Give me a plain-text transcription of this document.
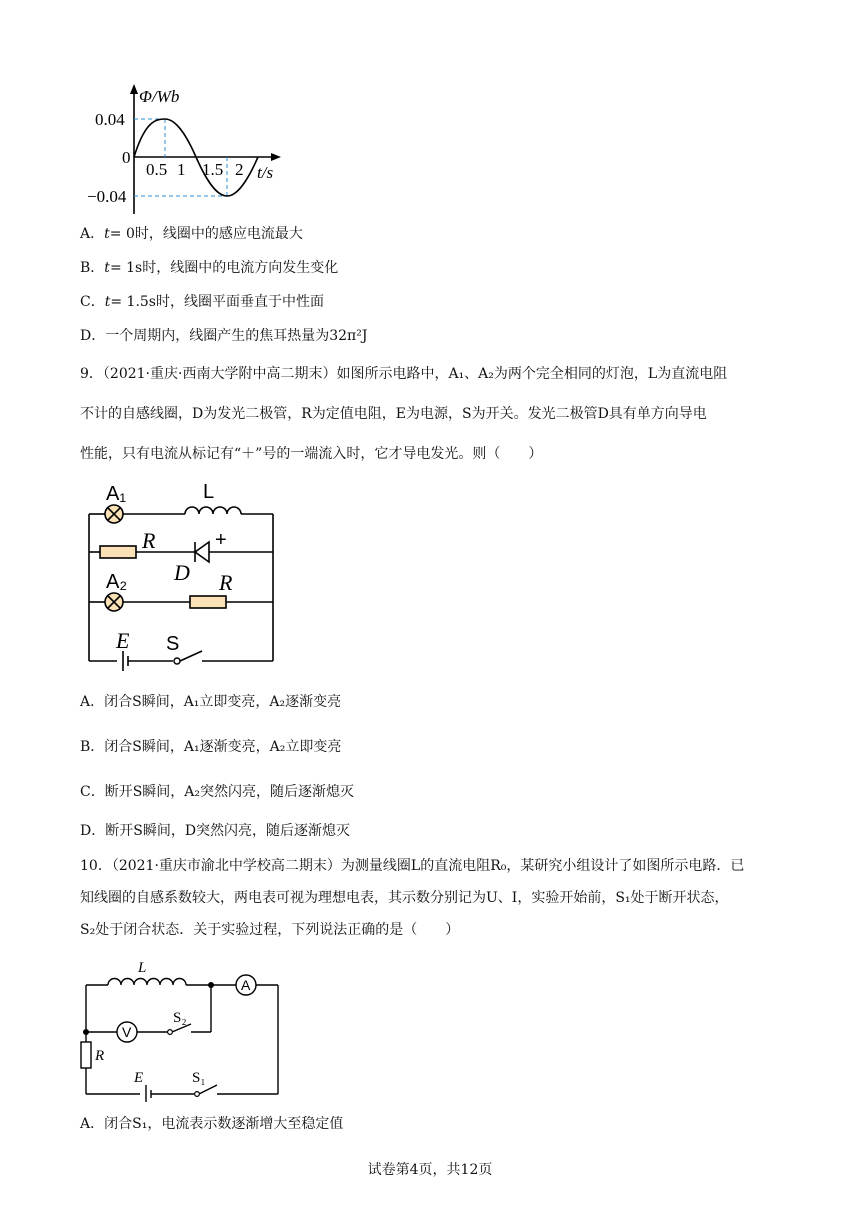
Φ/Wb
0.04
0
−0.04
0.5 1 1.5 2 t/s
A．t= 0时，线圈中的感应电流最大
B．t= 1s时，线圈中的电流方向发生变化
C．t= 1.5s时，线圈平面垂直于中性面
D．一个周期内，线圈产生的焦耳热量为32π²J
9．（2021·重庆·西南大学附中高二期末）如图所示电路中，A₁、A₂为两个完全相同的灯泡，L为直流电阻
不计的自感线圈，D为发光二极管，R为定值电阻，E为电源，S为开关。发光二极管D具有单方向导电
性能，只有电流从标记有“＋”号的一端流入时，它才导电发光。则（　　）
A₁	L
R	+
D
A₂	R
E S
A．闭合S瞬间，A₁立即变亮，A₂逐渐变亮
B．闭合S瞬间，A₁逐渐变亮，A₂立即变亮
C．断开S瞬间，A₂突然闪亮，随后逐渐熄灭
D．断开S瞬间，D突然闪亮，随后逐渐熄灭
10．（2021·重庆市渝北中学校高二期末）为测量线圈L的直流电阻R₀，某研究小组设计了如图所示电路．已
知线圈的自感系数较大，两电表可视为理想电表，其示数分别记为U、I，实验开始前，S₁处于断开状态，
S₂处于闭合状态．关于实验过程，下列说法正确的是（　　）
L
A
V
S₂
R
E	S₁
A．闭合S₁，电流表示数逐渐增大至稳定值
试卷第4页，共12页
